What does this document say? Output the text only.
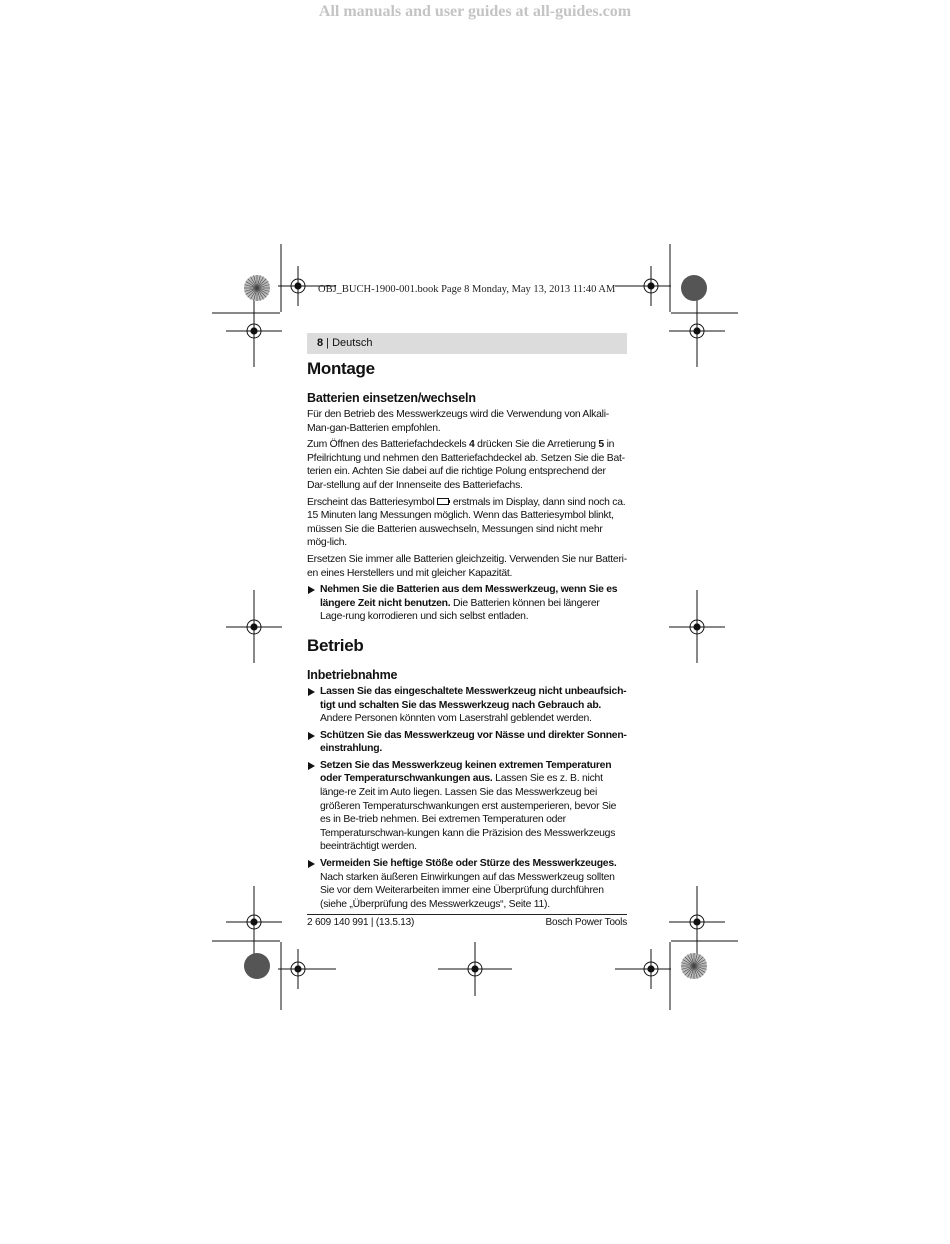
All manuals and user guides at all-guides.com
OBJ_BUCH-1900-001.book Page 8 Monday, May 13, 2013 11:40 AM
8 | Deutsch
Montage
Batterien einsetzen/wechseln

Für den Betrieb des Messwerkzeugs wird die Verwendung von Alkali-Man-gan-Batterien empfohlen.

Zum Öffnen des Batteriefachdeckels 4 drücken Sie die Arretierung 5 in Pfeilrichtung und nehmen den Batteriefachdeckel ab. Setzen Sie die Bat-terien ein. Achten Sie dabei auf die richtige Polung entsprechend der Dar-stellung auf der Innenseite des Batteriefachs.

Erscheint das Batteriesymbol  erstmals im Display, dann sind noch ca. 15 Minuten lang Messungen möglich. Wenn das Batteriesymbol blinkt, müssen Sie die Batterien auswechseln, Messungen sind nicht mehr mög-lich.

Ersetzen Sie immer alle Batterien gleichzeitig. Verwenden Sie nur Batteri-en eines Herstellers und mit gleicher Kapazität.

Nehmen Sie die Batterien aus dem Messwerkzeug, wenn Sie es längere Zeit nicht benutzen. Die Batterien können bei längerer Lage-rung korrodieren und sich selbst entladen.

Betrieb
Inbetriebnahme

Lassen Sie das eingeschaltete Messwerkzeug nicht unbeaufsich-tigt und schalten Sie das Messwerkzeug nach Gebrauch ab. Andere Personen könnten vom Laserstrahl geblendet werden.

Schützen Sie das Messwerkzeug vor Nässe und direkter Sonnen-einstrahlung.

Setzen Sie das Messwerkzeug keinen extremen Temperaturen oder Temperaturschwankungen aus. Lassen Sie es z. B. nicht länge-re Zeit im Auto liegen. Lassen Sie das Messwerkzeug bei größeren Temperaturschwankungen erst austemperieren, bevor Sie es in Be-trieb nehmen. Bei extremen Temperaturen oder Temperaturschwan-kungen kann die Präzision des Messwerkzeugs beeinträchtigt werden.

Vermeiden Sie heftige Stöße oder Stürze des Messwerkzeuges. Nach starken äußeren Einwirkungen auf das Messwerkzeug sollten Sie vor dem Weiterarbeiten immer eine Überprüfung durchführen (siehe „Überprüfung des Messwerkzeugs“, Seite 11).

2 609 140 991 | (13.5.13)	Bosch Power Tools
